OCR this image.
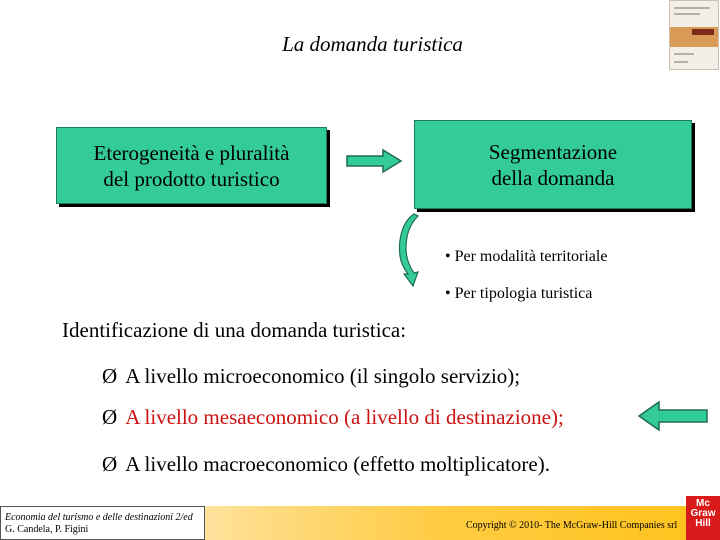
La domanda turistica
Eterogeneità e pluralità
del prodotto turistico
Segmentazione
della domanda
• Per modalità territoriale
• Per tipologia turistica
Identificazione di una domanda turistica:
Ø A livello microeconomico (il singolo servizio);
Ø A livello mesaeconomico (a livello di destinazione);
Ø A livello macroeconomico (effetto moltiplicatore).
Economia del turismo e delle destinazioni 2/ed
G. Candela, P. Figini	Copyright © 2010- The McGraw-Hill Companies srl
Mc
Graw
Hill
